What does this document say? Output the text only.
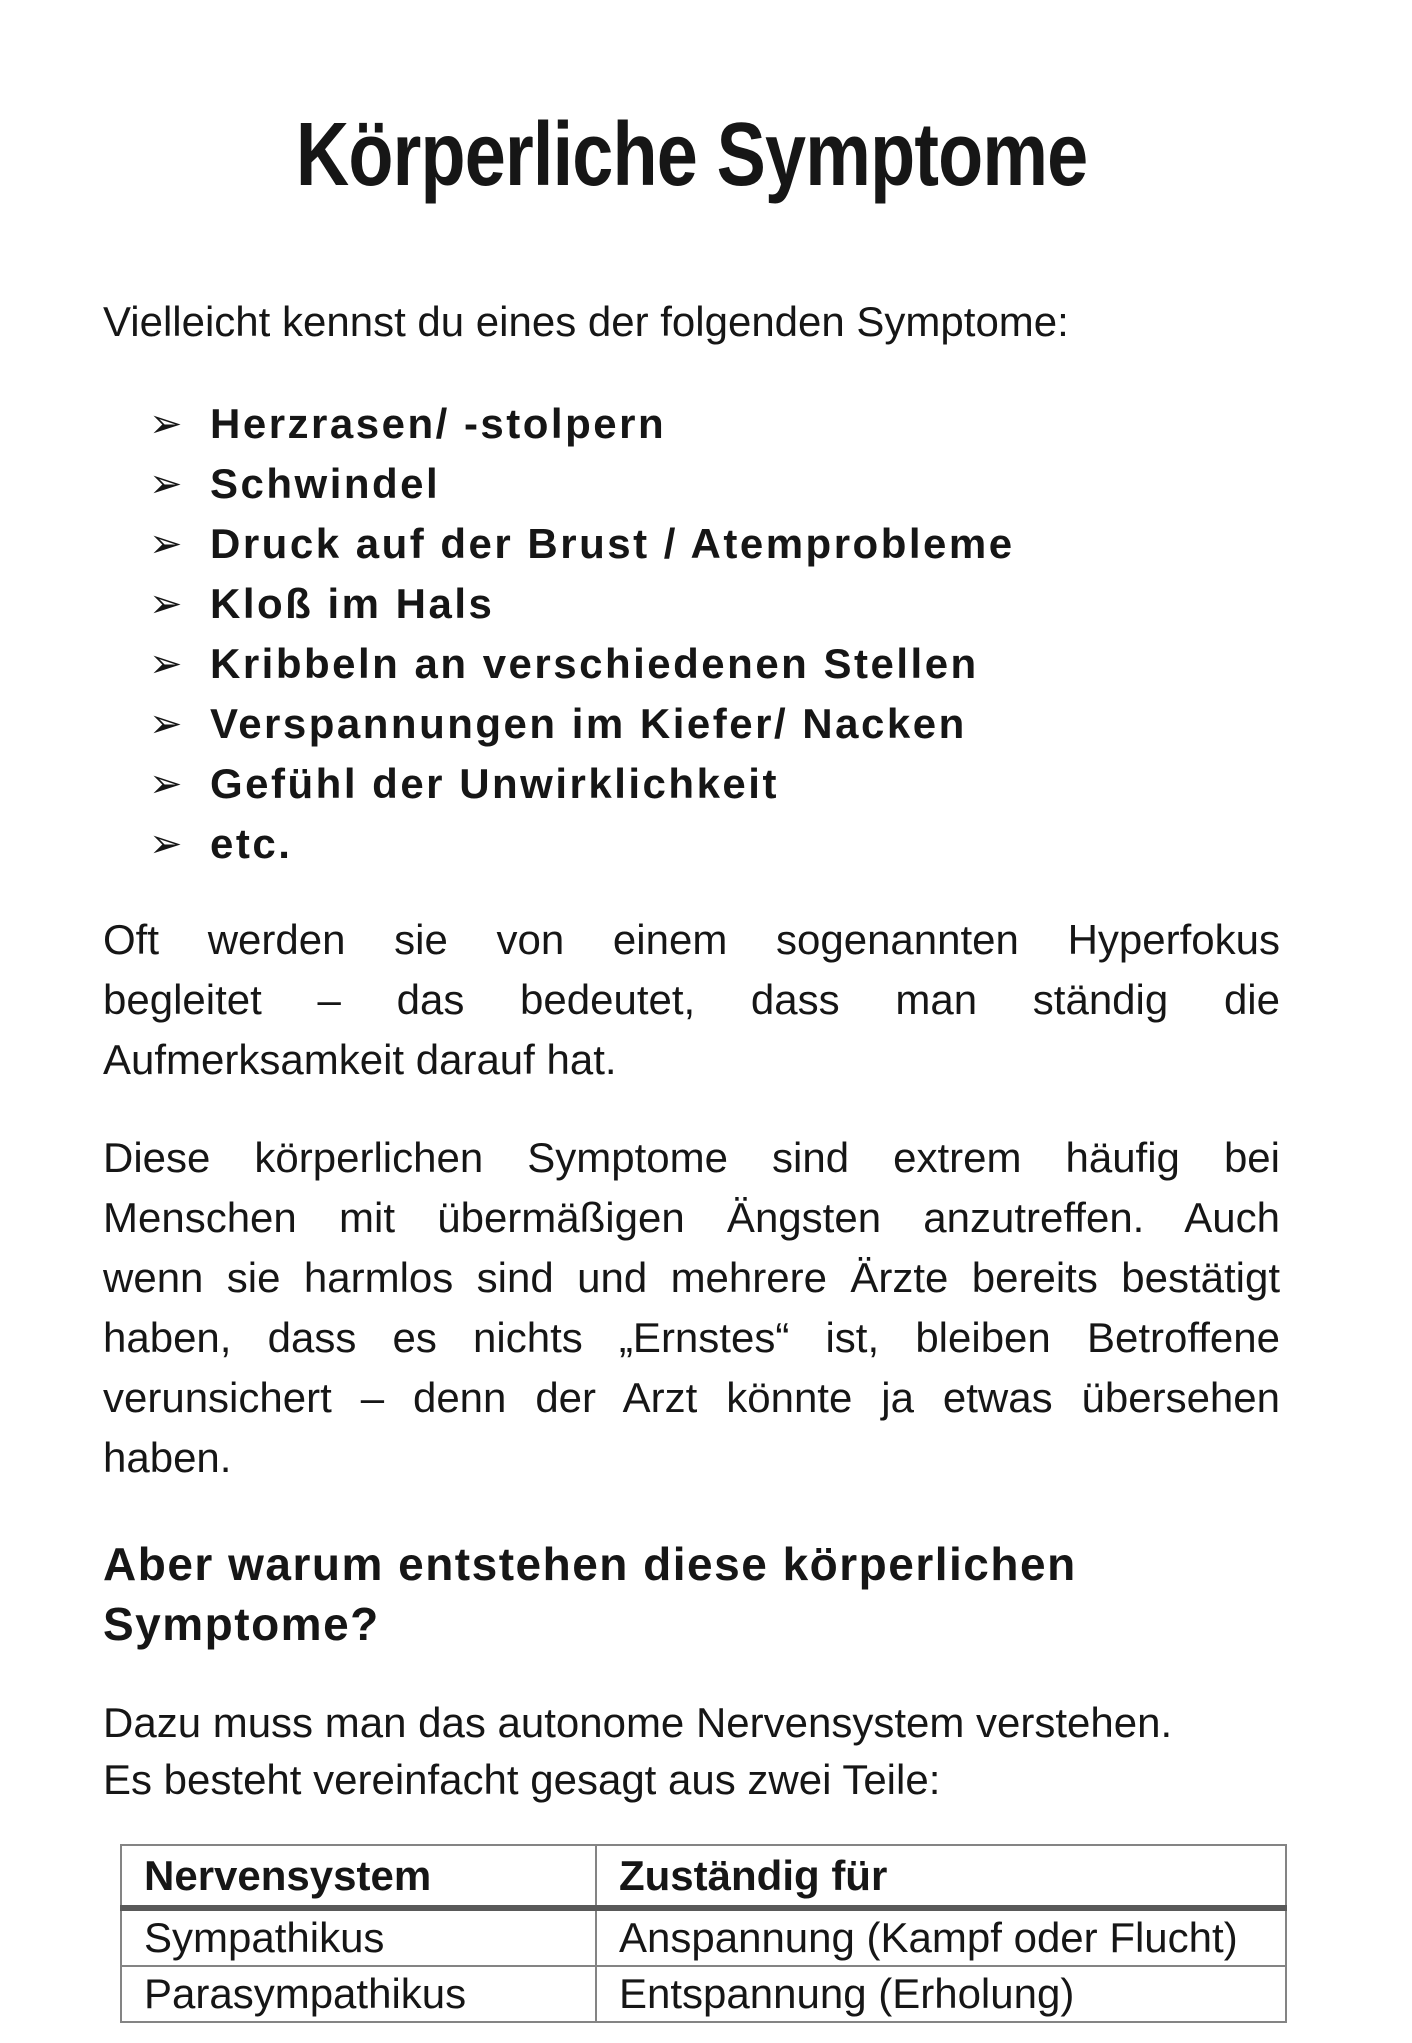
Körperliche Symptome

Vielleicht kennst du eines der folgenden Symptome:

➢ Herzrasen/ -stolpern
➢ Schwindel
➢ Druck auf der Brust / Atemprobleme
➢ Kloß im Hals
➢ Kribbeln an verschiedenen Stellen
➢ Verspannungen im Kiefer/ Nacken
➢ Gefühl der Unwirklichkeit
➢ etc.
Oft werden sie von einem sogenannten Hyperfokus
begleitet – das bedeutet, dass man ständig die
Aufmerksamkeit darauf hat.
Diese körperlichen Symptome sind extrem häufig bei
Menschen mit übermäßigen Ängsten anzutreffen. Auch
wenn sie harmlos sind und mehrere Ärzte bereits bestätigt
haben, dass es nichts „Ernstes“ ist, bleiben Betroffene
verunsichert – denn der Arzt könnte ja etwas übersehen
haben.
Aber warum entstehen diese körperlichen
Symptome?
Dazu muss man das autonome Nervensystem verstehen.
Es besteht vereinfacht gesagt aus zwei Teile:
Nervensystem	Zuständig für
Sympathikus	Anspannung (Kampf oder Flucht)
Parasympathikus	Entspannung (Erholung)
